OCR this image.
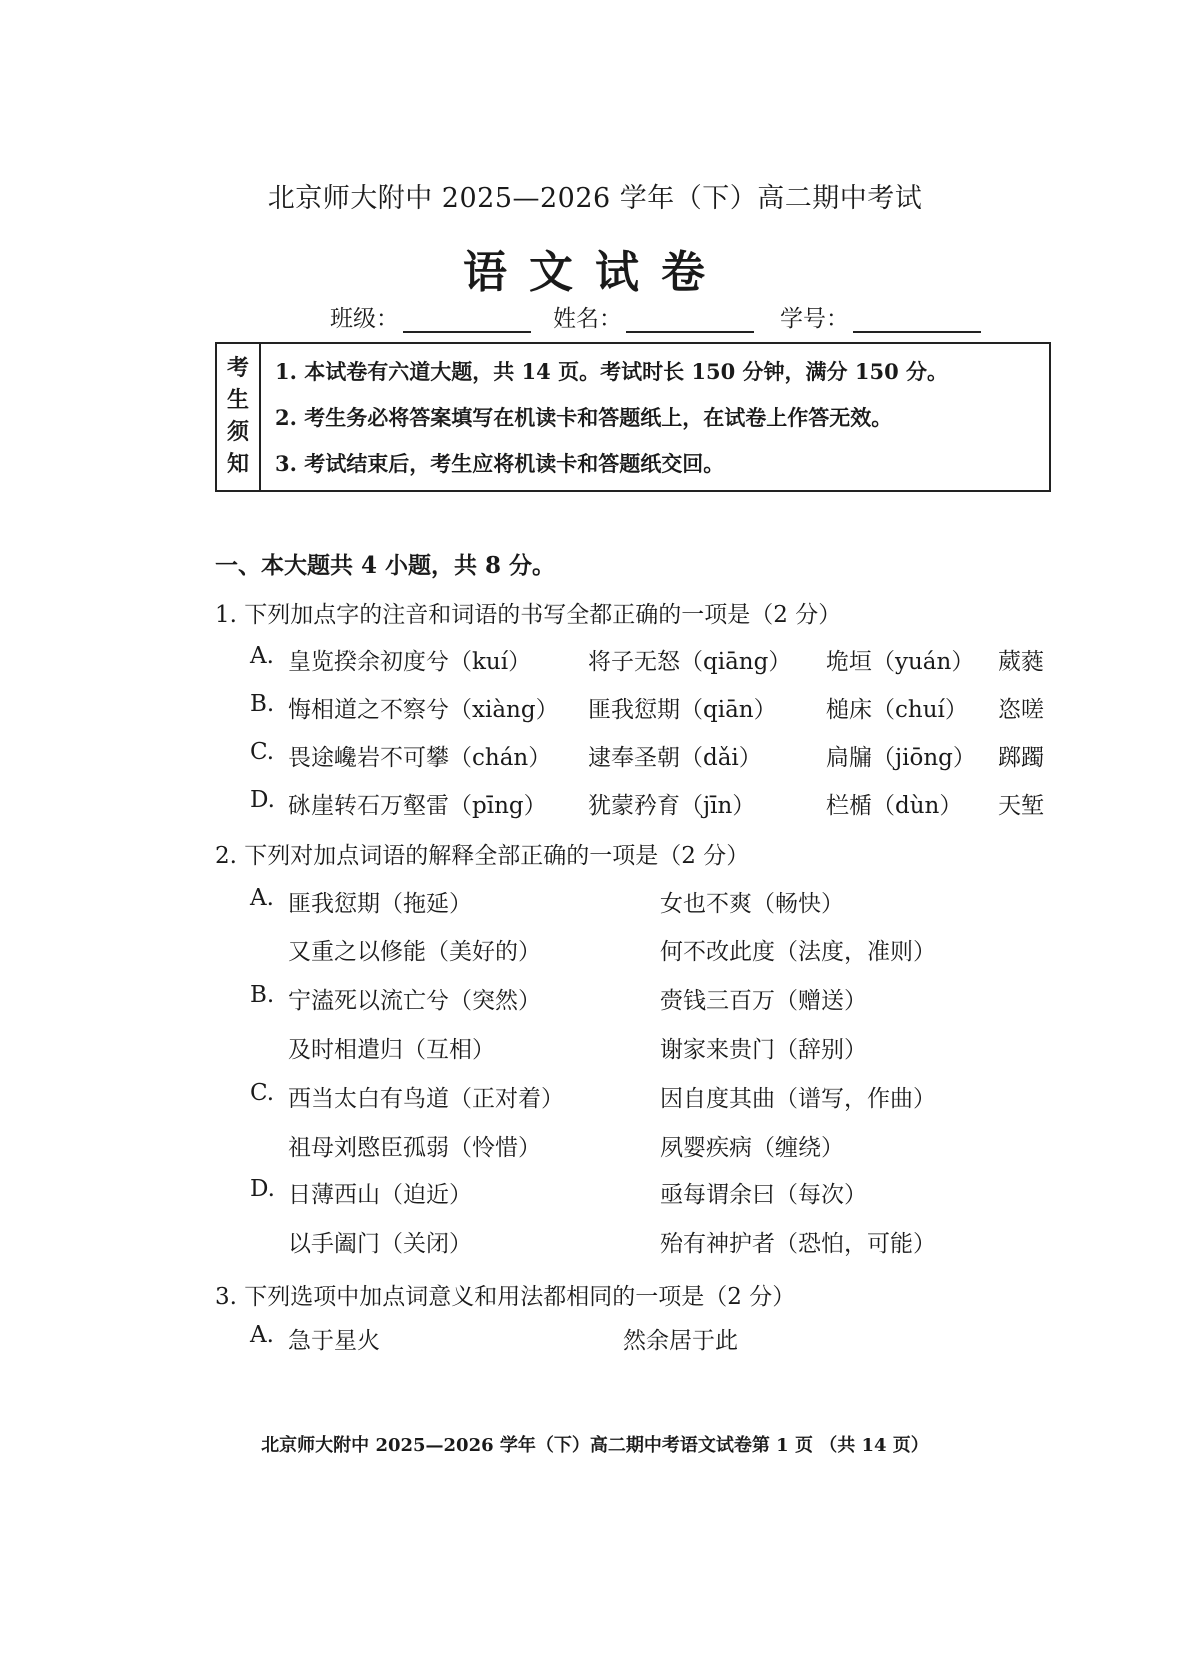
北京师大附中 2025—2026 学年（下）高二期中考试
语文试卷
班级：	姓名：	学号：
考
生
须
知
1. 本试卷有六道大题，共 14 页。考试时长 150 分钟，满分 150 分。
2. 考生务必将答案填写在机读卡和答题纸上，在试卷上作答无效。
3. 考试结束后，考生应将机读卡和答题纸交回。
一、本大题共 4 小题，共 8 分。
1. 下列加点字的注音和词语的书写全都正确的一项是（2 分）
A. 皇览揆余初度兮（kuí） 将子无怒（qiāng） 垝垣（yuán） 葳蕤
B. 悔相道之不察兮（xiàng） 匪我愆期（qiān） 槌床（chuí） 恣嗟
C. 畏途巉岩不可攀（chán） 逮奉圣朝（dǎi）	扃牖（jiōng） 踯躅
D. 砯崖转石万壑雷（pīng） 犹蒙矜育（jīn）	栏楯（dùn） 天堑
2. 下列对加点词语的解释全部正确的一项是（2 分）
A. 匪我愆期（拖延）	女也不爽（畅快）
又重之以修能（美好的）	何不改此度（法度，准则）
B. 宁溘死以流亡兮（突然）	赍钱三百万（赠送）
及时相遣归（互相）	谢家来贵门（辞别）
C. 西当太白有鸟道（正对着）	因自度其曲（谱写，作曲）
祖母刘愍臣孤弱（怜惜）	夙婴疾病（缠绕）
D. 日薄西山（迫近）	亟每谓余曰（每次）
以手阖门（关闭）	殆有神护者（恐怕，可能）
3. 下列选项中加点词意义和用法都相同的一项是（2 分）
A. 急于星火	然余居于此
北京师大附中 2025—2026 学年（下）高二期中考语文试卷第 1 页 （共 14 页）
